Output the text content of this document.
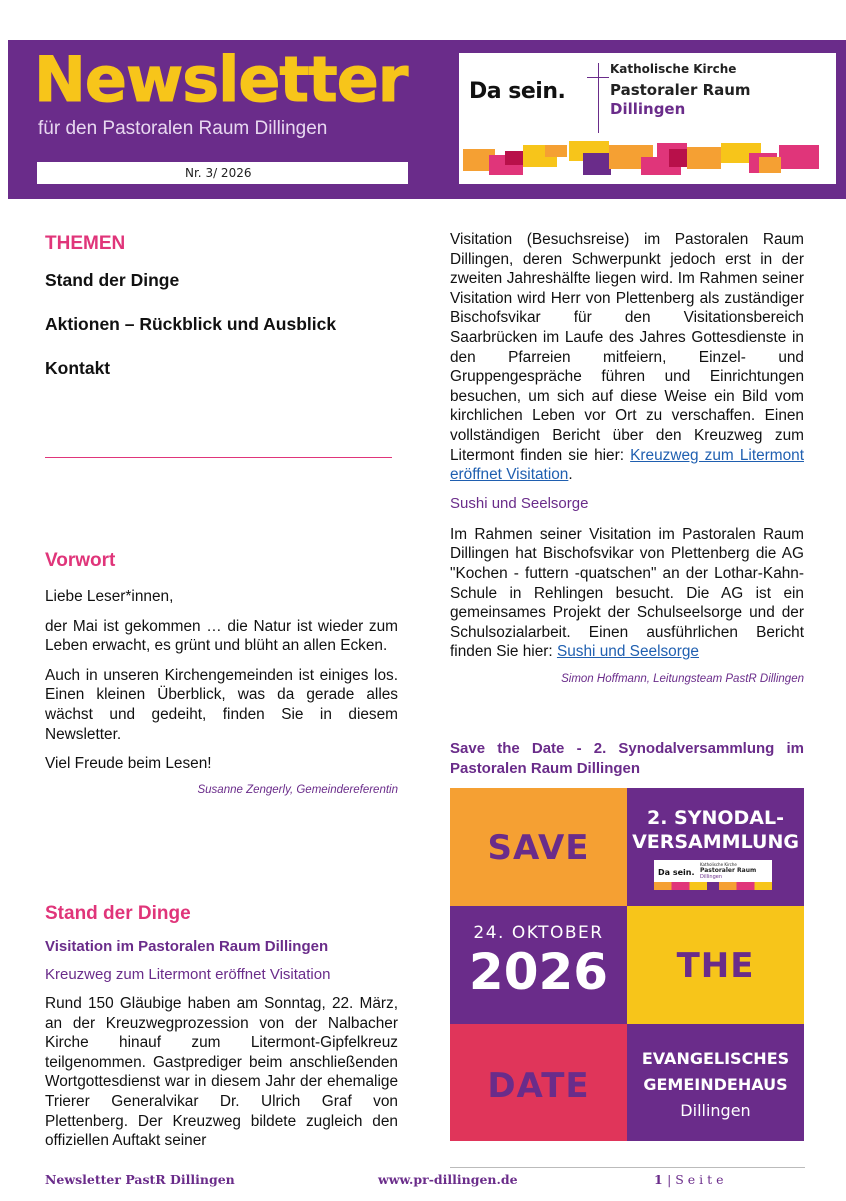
Newsletter
für den Pastoralen Raum Dillingen
Nr. 3/ 2026
Da sein.
Katholische Kirche
Pastoraler Raum
Dillingen
THEMEN
Stand der Dinge
Aktionen – Rückblick und Ausblick
Kontakt
Vorwort

Liebe Leser*innen,

der Mai ist gekommen … die Natur ist wieder zum Leben erwacht, es grünt und blüht an allen Ecken.

Auch in unseren Kirchengemeinden ist einiges los. Einen kleinen Überblick, was da gerade alles wächst und gedeiht, finden Sie in diesem Newsletter.

Viel Freude beim Lesen!

Susanne Zengerly, Gemeindereferentin

Stand der Dinge
Visitation im Pastoralen Raum Dillingen
Kreuzweg zum Litermont eröffnet Visitation

Rund 150 Gläubige haben am Sonntag, 22. März, an der Kreuzwegprozession von der Nalbacher Kirche hinauf zum Litermont-Gipfelkreuz teilgenommen. Gastprediger beim anschließenden Wortgottesdienst war in diesem Jahr der ehemalige Trierer Generalvikar Dr. Ulrich Graf von Plettenberg. Der Kreuzweg bildete zugleich den offiziellen Auftakt seiner

Visitation (Besuchsreise) im Pastoralen Raum Dillingen, deren Schwerpunkt jedoch erst in der zweiten Jahreshälfte liegen wird. Im Rahmen seiner Visitation wird Herr von Plettenberg als zuständiger Bischofsvikar für den Visitationsbereich Saarbrücken im Laufe des Jahres Gottesdienste in den Pfarreien mitfeiern, Einzel- und Gruppengespräche führen und Einrichtungen besuchen, um sich auf diese Weise ein Bild vom kirchlichen Leben vor Ort zu verschaffen. Einen vollständigen Bericht über den Kreuzweg zum Litermont finden sie hier: Kreuzweg zum Litermont eröffnet Visitation.

Sushi und Seelsorge

Im Rahmen seiner Visitation im Pastoralen Raum Dillingen hat Bischofsvikar von Plettenberg die AG "Kochen - futtern -quatschen" an der Lothar-Kahn-Schule in Rehlingen besucht. Die AG ist ein gemeinsames Projekt der Schulseelsorge und der Schulsozialarbeit. Einen ausführlichen Bericht finden Sie hier: Sushi und Seelsorge

Simon Hoffmann, Leitungsteam PastR Dillingen

Save the Date - 2. Synodalversammlung im Pastoralen Raum Dillingen
SAVE
THE
DATE
2. SYNODAL-
VERSAMMLUNG
Da sein.
Katholische Kirche
Pastoraler Raum
Dillingen
24. OKTOBER
2026
EVANGELISCHES
GEMEINDEHAUS
Dillingen
Newsletter PastR Dillingen	www.pr-dillingen.de	1 | S e i t e
